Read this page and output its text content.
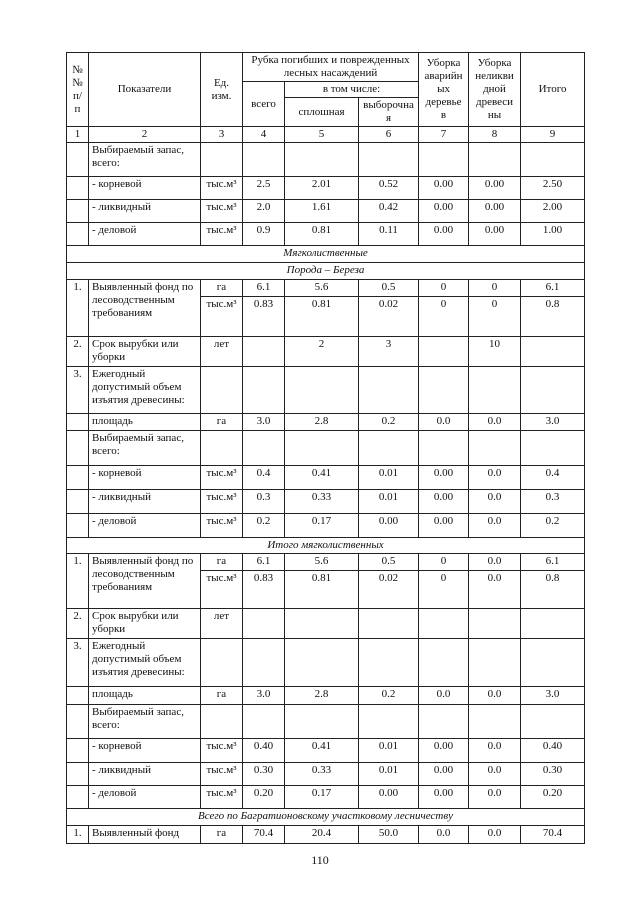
№ № п/ п	Показатели	Ед. изм.	Рубка погибших и поврежденных лесных насаждений			Уборка аварийн ых деревье в	Уборка неликви дной древеси ны	Итого
			всего	в том числе:				
				сплошная	выборочна я			
1	2	3	4	5	6	7	8	9
	Выбираемый запас, всего:							
	- корневой	тыс.м³	2.5	2.01	0.52	0.00	0.00	2.50
	- ликвидный	тыс.м³	2.0	1.61	0.42	0.00	0.00	2.00
	- деловой	тыс.м³	0.9	0.81	0.11	0.00	0.00	1.00
Мягколиственные								
Порода – Береза								
1.	Выявленный фонд по лесоводственным требованиям	га	6.1	5.6	0.5	0	0	6.1
		тыс.м³	0.83	0.81	0.02	0	0	0.8
2.	Срок вырубки или уборки	лет		2	3		10	
3.	Ежегодный допустимый объем изъятия древесины:							
	площадь	га	3.0	2.8	0.2	0.0	0.0	3.0
	Выбираемый запас, всего:							
	- корневой	тыс.м³	0.4	0.41	0.01	0.00	0.0	0.4
	- ликвидный	тыс.м³	0.3	0.33	0.01	0.00	0.0	0.3
	- деловой	тыс.м³	0.2	0.17	0.00	0.00	0.0	0.2
Итого мягколиственных								
1.	Выявленный фонд по лесоводственным требованиям	га	6.1	5.6	0.5	0	0.0	6.1
		тыс.м³	0.83	0.81	0.02	0	0.0	0.8
2.	Срок вырубки или уборки	лет						
3.	Ежегодный допустимый объем изъятия древесины:							
	площадь	га	3.0	2.8	0.2	0.0	0.0	3.0
	Выбираемый запас, всего:							
	- корневой	тыс.м³	0.40	0.41	0.01	0.00	0.0	0.40
	- ликвидный	тыс.м³	0.30	0.33	0.01	0.00	0.0	0.30
	- деловой	тыс.м³	0.20	0.17	0.00	0.00	0.0	0.20
Всего по Багратионовскому участковому лесничеству								
1.	Выявленный фонд	га	70.4	20.4	50.0	0.0	0.0	70.4
110
